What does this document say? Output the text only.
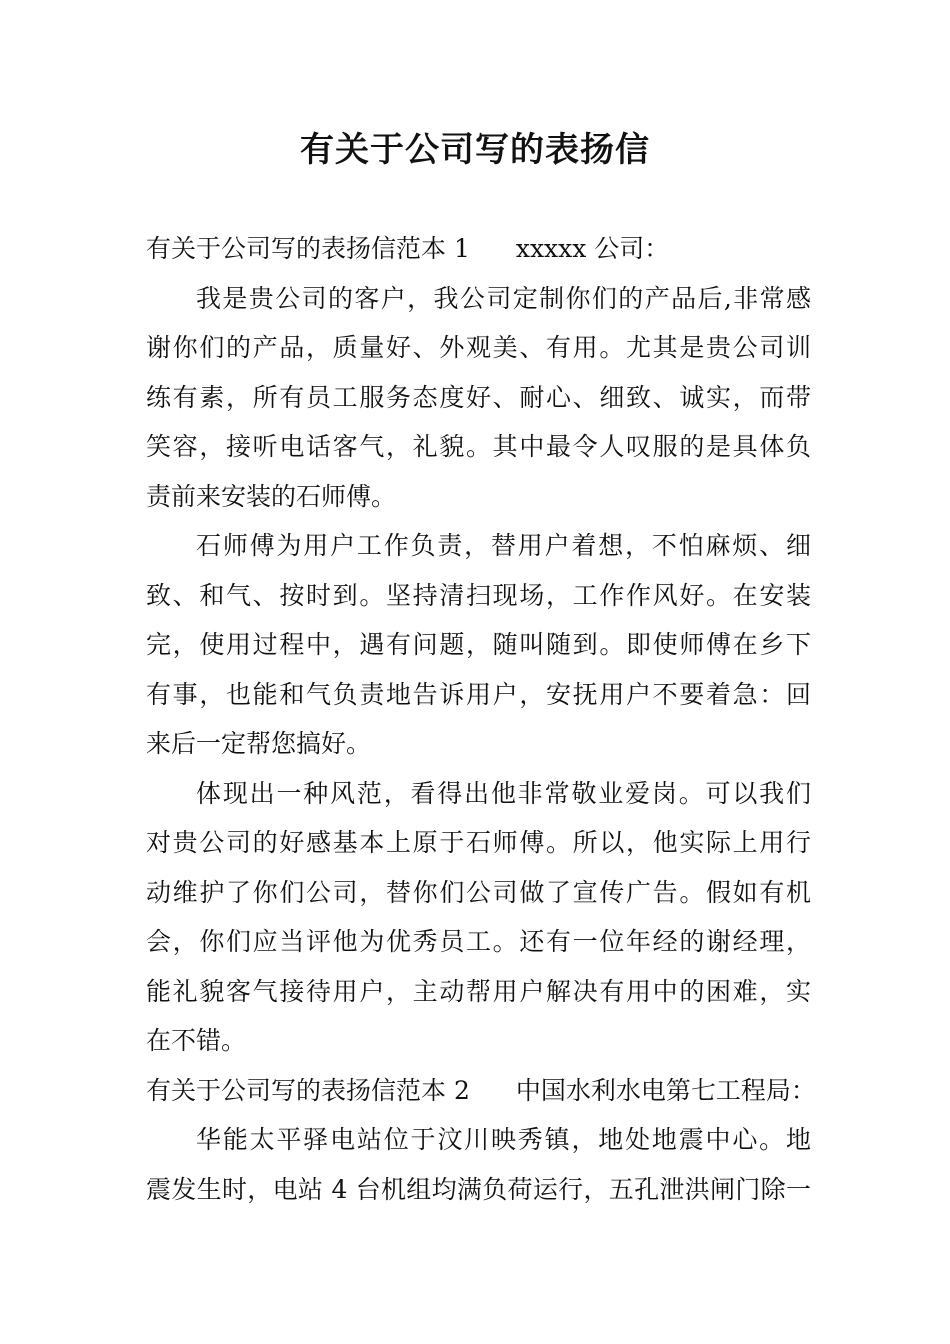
有关于公司写的表扬信
有关于公司写的表扬信范本 1 xxxxx 公司：
我是贵公司的客户，我公司定制你们的产品后,非常感
谢你们的产品，质量好、外观美、有用。尤其是贵公司训
练有素，所有员工服务态度好、耐心、细致、诚实，而带
笑容，接听电话客气，礼貌。其中最令人叹服的是具体负
责前来安装的石师傅。
石师傅为用户工作负责，替用户着想，不怕麻烦、细
致、和气、按时到。坚持清扫现场，工作作风好。在安装
完，使用过程中，遇有问题，随叫随到。即使师傅在乡下
有事，也能和气负责地告诉用户，安抚用户不要着急：回
来后一定帮您搞好。
体现出一种风范，看得出他非常敬业爱岗。可以我们
对贵公司的好感基本上原于石师傅。所以，他实际上用行
动维护了你们公司，替你们公司做了宣传广告。假如有机
会，你们应当评他为优秀员工。还有一位年经的谢经理，
能礼貌客气接待用户，主动帮用户解决有用中的困难，实
在不错。
有关于公司写的表扬信范本 2 中国水利水电第七工程局：
华能太平驿电站位于汶川映秀镇，地处地震中心。地
震发生时，电站 4 台机组均满负荷运行，五孔泄洪闸门除一
